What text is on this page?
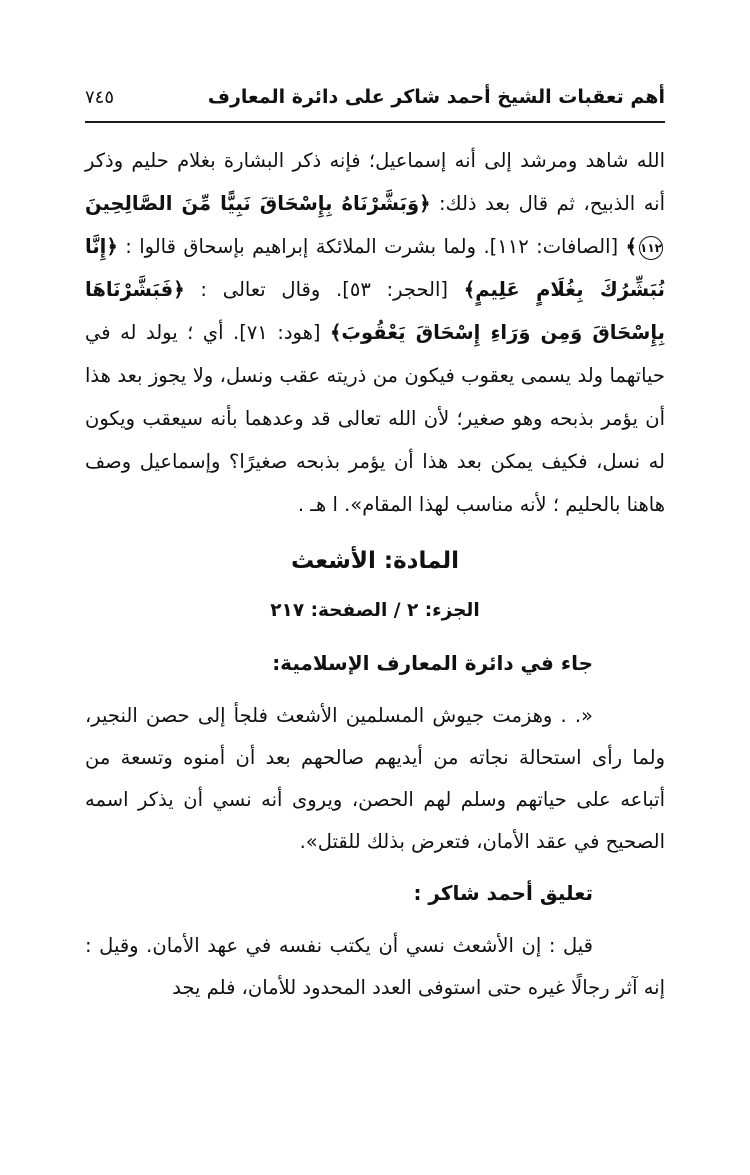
أهم تعقبات الشيخ أحمد شاكر على دائرة المعارف
٧٤٥

الله شاهد ومرشد إلى أنه إسماعيل؛ فإنه ذكر البشارة بغلام حليم وذكر أنه الذبيح، ثم قال بعد ذلك: ﴿وَبَشَّرْنَاهُ بِإِسْحَاقَ نَبِيًّا مِّنَ الصَّالِحِينَ ١١٢﴾ [الصافات: ١١٢]. ولما بشرت الملائكة إبراهيم بإسحاق قالوا : ﴿إِنَّا نُبَشِّرُكَ بِغُلَامٍ عَلِيمٍ﴾ [الحجر: ٥٣]. وقال تعالى : ﴿فَبَشَّرْنَاهَا بِإِسْحَاقَ وَمِن وَرَاءِ إِسْحَاقَ يَعْقُوبَ﴾ [هود: ٧١]. أي ؛ يولد له في حياتهما ولد يسمى يعقوب فيكون من ذريته عقب ونسل، ولا يجوز بعد هذا أن يؤمر بذبحه وهو صغير؛ لأن الله تعالى قد وعدهما بأنه سيعقب ويكون له نسل، فكيف يمكن بعد هذا أن يؤمر بذبحه صغيرًا؟ وإسماعيل وصف هاهنا بالحليم ؛ لأنه مناسب لهذا المقام». ا هـ .

المادة: الأشعث
الجزء: ٢ / الصفحة: ٢١٧
جاء في دائرة المعارف الإسلامية:

«. . وهزمت جيوش المسلمين الأشعث فلجأ إلى حصن النجير، ولما رأى استحالة نجاته من أيديهم صالحهم بعد أن أمنوه وتسعة من أتباعه على حياتهم وسلم لهم الحصن، ويروى أنه نسي أن يذكر اسمه الصحيح في عقد الأمان، فتعرض بذلك للقتل».

تعليق أحمد شاكر :

قيل : إن الأشعث نسي أن يكتب نفسه في عهد الأمان. وقيل : إنه آثر رجالًا غيره حتى استوفى العدد المحدود للأمان، فلم يجد
